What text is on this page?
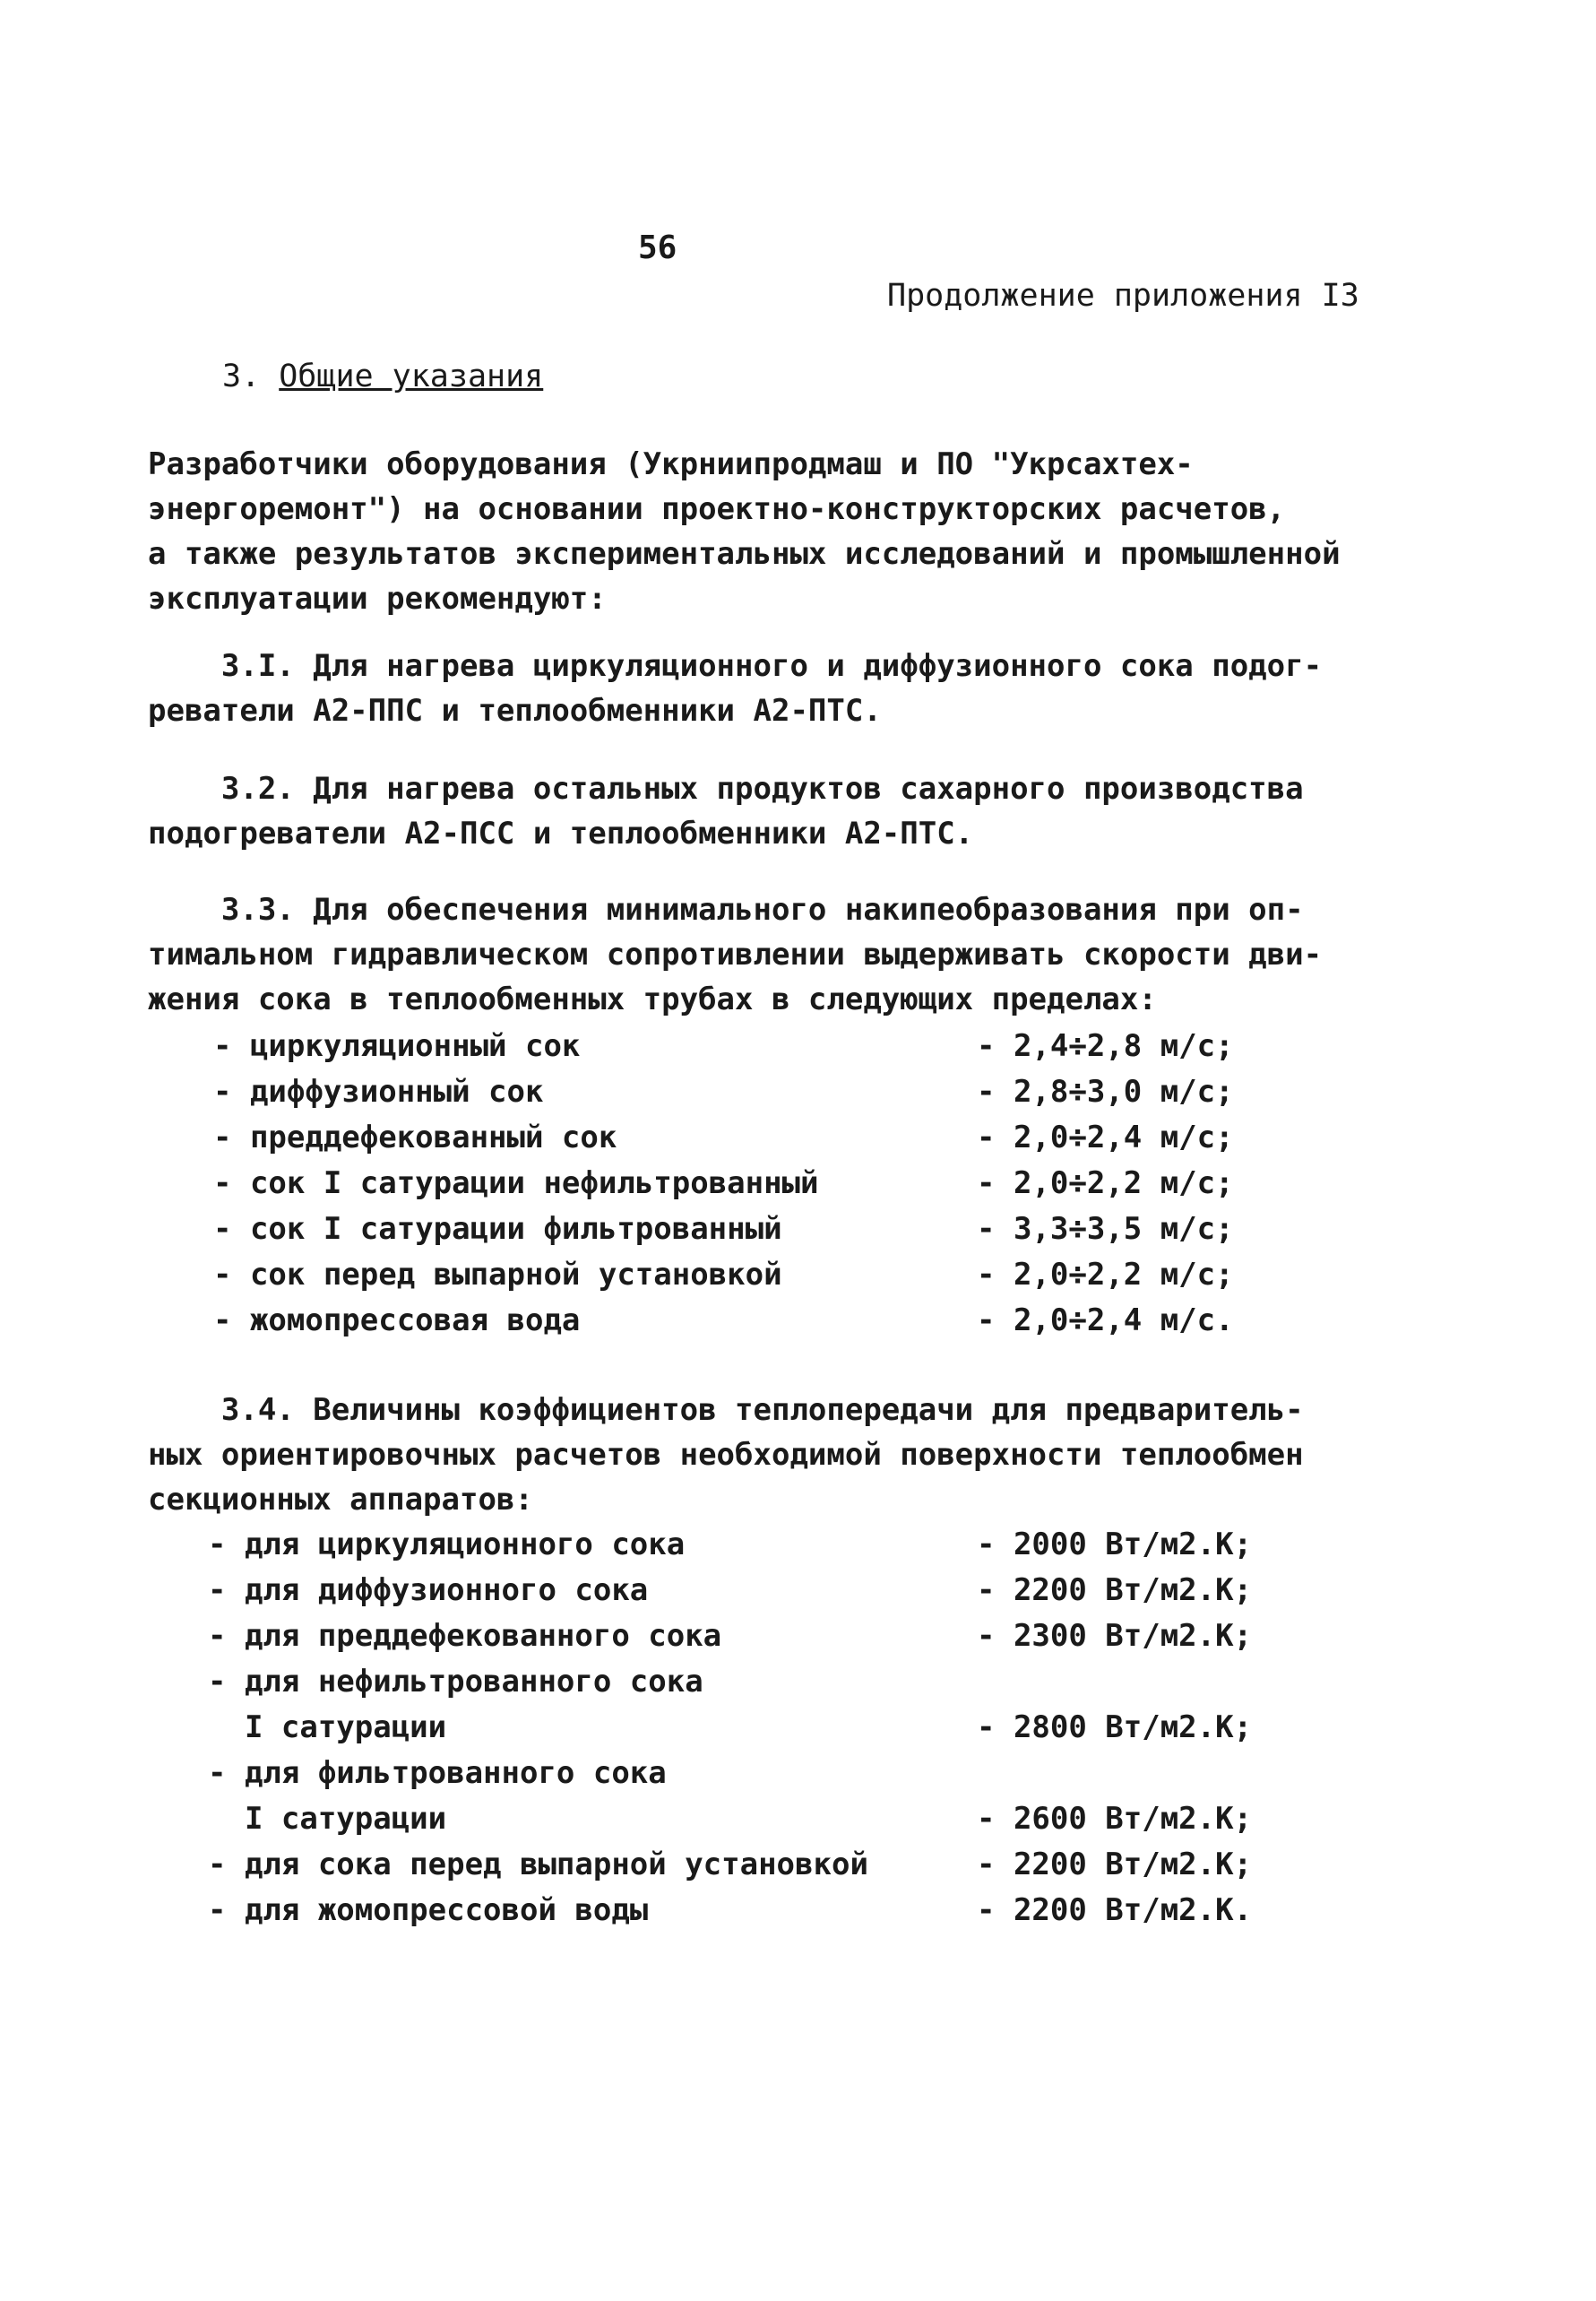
56
Продолжение приложения I3
3. Общие указания
Разработчики оборудования (Укрниипродмаш и ПО "Укрсахтех-
энергоремонт") на основании проектно-конструкторских расчетов,
а также результатов экспериментальных исследований и промышленной
эксплуатации рекомендуют:
3.I. Для нагрева циркуляционного и диффузионного сока подог-
реватели А2-ППС и теплообменники А2-ПТС.
3.2. Для нагрева остальных продуктов сахарного производства
подогреватели А2-ПСС и теплообменники А2-ПТС.
3.3. Для обеспечения минимального накипеобразования при оп-
тимальном гидравлическом сопротивлении выдерживать скорости дви-
жения сока в теплообменных трубах в следующих пределах:
- циркуляционный сок	- 2,4÷2,8 м/с;
- диффузионный сок	- 2,8÷3,0 м/с;
- преддефекованный сок	- 2,0÷2,4 м/с;
- сок I сатурации нефильтрованный	- 2,0÷2,2 м/с;
- сок I сатурации фильтрованный	- 3,3÷3,5 м/с;
- сок перед выпарной установкой	- 2,0÷2,2 м/с;
- жомопрессовая вода	- 2,0÷2,4 м/с.
3.4. Величины коэффициентов теплопередачи для предваритель-
ных ориентировочных расчетов необходимой поверхности теплообмен
секционных аппаратов:
- для циркуляционного сока	- 2000 Вт/м2.К;
- для диффузионного сока	- 2200 Вт/м2.К;
- для преддефекованного сока	- 2300 Вт/м2.К;
- для нефильтрованного сока
I сатурации	- 2800 Вт/м2.К;
- для фильтрованного сока
I сатурации	- 2600 Вт/м2.К;
- для сока перед выпарной установкой	- 2200 Вт/м2.К;
- для жомопрессовой воды	- 2200 Вт/м2.К.
